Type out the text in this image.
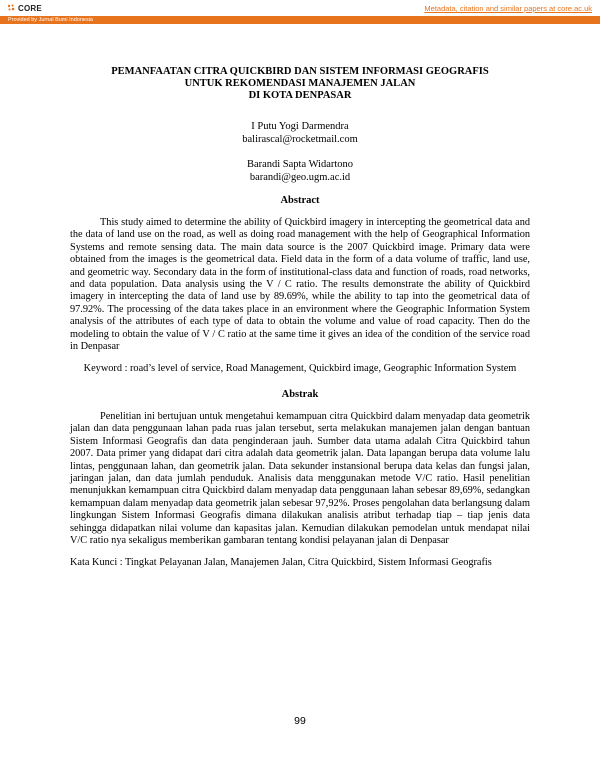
CORE	Metadata, citation and similar papers at core.ac.uk
Provided by Jurnal Bumi Indonesia
PEMANFAATAN CITRA QUICKBIRD DAN SISTEM INFORMASI GEOGRAFIS
UNTUK REKOMENDASI MANAJEMEN JALAN
DI KOTA DENPASAR
I Putu Yogi Darmendra
balirascal@rocketmail.com
Barandi Sapta Widartono
barandi@geo.ugm.ac.id
Abstract

This study aimed to determine the ability of Quickbird imagery in intercepting the geometrical data and the data of land use on the road, as well as doing road management with the help of Geographical Information Systems and remote sensing data. The main data source is the 2007 Quickbird image. Primary data were obtained from the images is the geometrical data. Field data in the form of a data volume of traffic, land use, and geometric way. Secondary data in the form of institutional-class data and function of roads, road networks, and data population. Data analysis using the V / C ratio. The results demonstrate the ability of Quickbird imagery in intercepting the data of land use by 89.69%, while the ability to tap into the geometrical data of 97.92%. The processing of the data takes place in an environment where the Geographic Information System analysis of the attributes of each type of data to obtain the volume and value of road capacity. Then do the modeling to obtain the value of V / C ratio at the same time it gives an idea of the condition of the service road in Denpasar

Keyword : road’s level of service, Road Management, Quickbird image, Geographic Information System
Abstrak

Penelitian ini bertujuan untuk mengetahui kemampuan citra Quickbird dalam menyadap data geometrik jalan dan data penggunaan lahan pada ruas jalan tersebut, serta melakukan manajemen jalan dengan bantuan Sistem Informasi Geografis dan data penginderaan jauh. Sumber data utama adalah Citra Quickbird tahun 2007. Data primer yang didapat dari citra adalah data geometrik jalan. Data lapangan berupa data volume lalu lintas, penggunaan lahan, dan geometrik jalan. Data sekunder instansional berupa data kelas dan fungsi jalan, jaringan jalan, dan data jumlah penduduk. Analisis data menggunakan metode V/C ratio. Hasil penelitian menunjukkan kemampuan citra Quickbird dalam menyadap data penggunaan lahan sebesar 89,69%, sedangkan kemampuan dalam menyadap data geometrik jalan sebesar 97,92%. Proses pengolahan data berlangsung dalam lingkungan Sistem Informasi Geografis dimana dilakukan analisis atribut terhadap tiap – tiap jenis data sehingga didapatkan nilai volume dan kapasitas jalan. Kemudian dilakukan pemodelan untuk mendapat nilai V/C ratio nya sekaligus memberikan gambaran tentang kondisi pelayanan jalan di Denpasar

Kata Kunci : Tingkat Pelayanan Jalan, Manajemen Jalan, Citra Quickbird, Sistem Informasi Geografis
99
